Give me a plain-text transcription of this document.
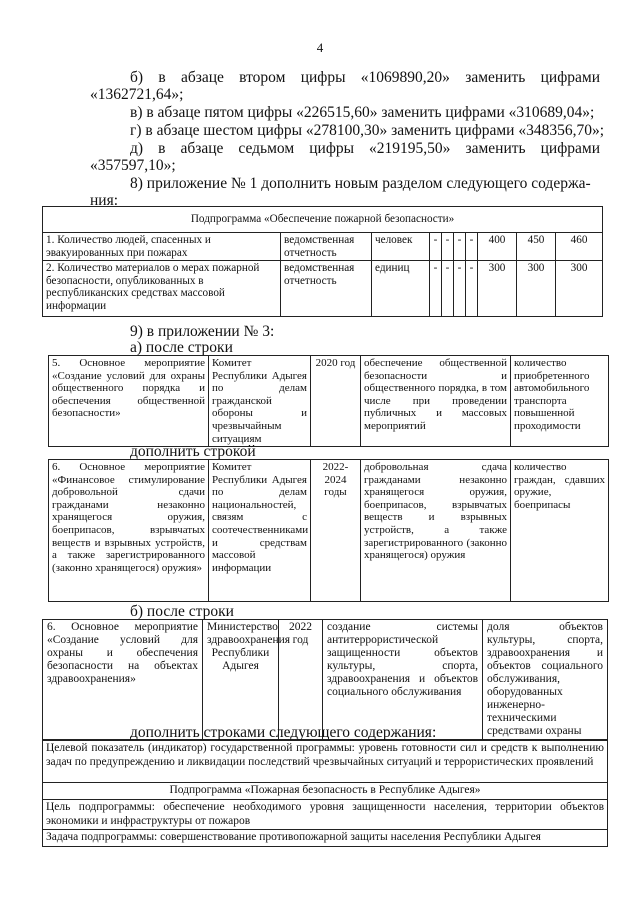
4
б) в абзаце втором цифры «1069890,20» заменить цифрами
«1362721,64»;
в) в абзаце пятом цифры «226515,60» заменить цифрами «310689,04»;
г) в абзаце шестом цифры «278100,30» заменить цифрами «348356,70»;
д) в абзаце седьмом цифры «219195,50» заменить цифрами
«357597,10»;
8) приложение № 1 дополнить новым разделом следующего содержа-
ния:
Подпрограмма «Обеспечение пожарной безопасности»									
1. Количество людей, спасенных и эвакуированных при пожарах	ведомственная отчетность	человек	-	-	-	-	400	450	460
2. Количество материалов о мерах пожарной безопасности, опубликованных в республиканских средствах массовой информации	ведомственная отчетность	единиц	-	-	-	-	300	300	300
9) в приложении № 3:
а) после строки
5. Основное мероприятие «Создание условий для охраны общественного порядка и обеспечения общественной безопасности»	Комитет Республики Адыгея по делам гражданской обороны и чрезвычайным ситуациям	2020 год	обеспечение общественной безопасности и общественного порядка, в том числе при проведении публичных и массовых мероприятий	количество приобретенного автомобильного транспорта повышенной проходимости
дополнить строкой
6. Основное мероприятие «Финансовое стимулирование добровольной сдачи гражданами незаконно хранящегося оружия, боеприпасов, взрывчатых веществ и взрывных устройств, а также зарегистрированного (законно хранящегося) оружия»	Комитет Республики Адыгея по делам национальностей, связям с соотечественниками и средствам массовой информации	2022-2024 годы	добровольная сдача гражданами незаконно хранящегося оружия, боеприпасов, взрывчатых веществ и взрывных устройств, а также зарегистрированного (законно хранящегося) оружия	количество граждан, сдавших оружие, боеприпасы
б) после строки
6. Основное мероприятие «Создание условий для охраны и обеспечения безопасности на объектах здравоохранения»	Министерство здравоохранения Республики Адыгея	2022 год	создание системы антитеррористической защищенности объектов культуры, спорта, здравоохранения и объектов социального обслуживания	доля объектов культуры, спорта, здравоохранения и объектов социального обслуживания, оборудованных инженерно-техническими средствами охраны
дополнить строками следующего содержания:
Целевой показатель (индикатор) государственной программы: уровень готовности сил и средств к выполнению задач по предупреждению и ликвидации последствий чрезвычайных ситуаций и террористических проявлений
Подпрограмма «Пожарная безопасность в Республике Адыгея»
Цель подпрограммы: обеспечение необходимого уровня защищенности населения, территории объектов экономики и инфраструктуры от пожаров
Задача подпрограммы: совершенствование противопожарной защиты населения Республики Адыгея
